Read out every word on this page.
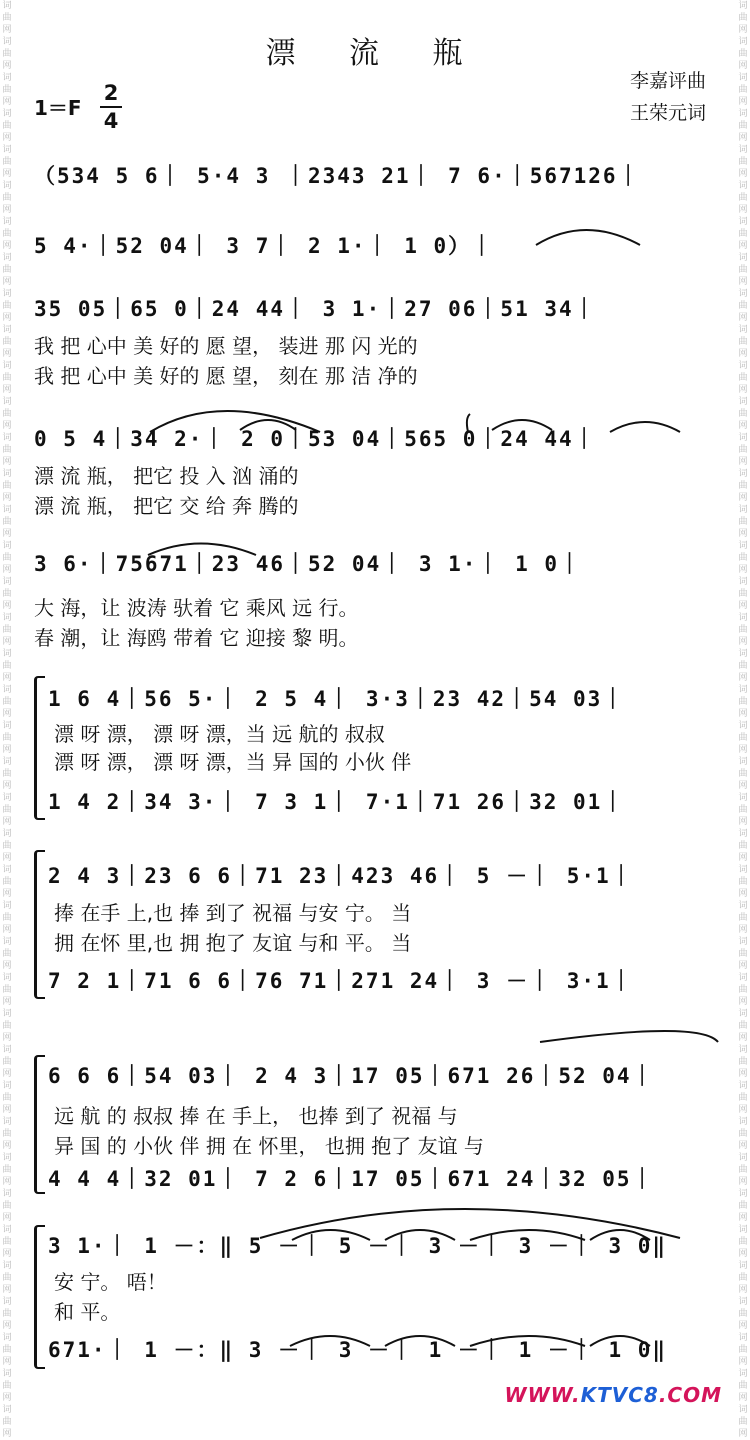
词
曲
网
词
曲
网
词
曲
网
词
曲
网
词
曲
网
词
曲
网
词
曲
网
词
曲
网
词
曲
网
词
曲
网
词
曲
网
词
曲
网
词
曲
网
词
曲
网
词
曲
网
词
曲
网
词
曲
网
词
曲
网
词
曲
网
词
曲
网
词
曲
网
词
曲
网
词
曲
网
词
曲
网
词
曲
网
词
曲
网
词
曲
网
词
曲
网
词
曲
网
词
曲
网
词
曲
网
词
曲
网
词
曲
网
词
曲
网
词
曲
网
词
曲
网
词
曲
网
词
曲
网
词
曲
网
词
曲
网
词
曲
网
词
曲
网
词
曲
网
词
曲
网
词
曲
网
词
曲
网
词
曲
网
词
曲
网
词
曲
网
词
曲
网
词
曲
网
词
曲
网
词
曲
网
词
曲
网
词
曲
网
词
曲
网
词
曲
网
词
曲
网
词
曲
网
词
曲
网
词
曲
网
词
曲
网
词
曲
网
词
曲
网
词
曲
网
词
曲
网
词
曲
网
词
曲
网
词
曲
网
词
曲
网
词
曲
网
词
曲
网
词
曲
网
词
曲
网
词
曲
网
词
曲
网
词
曲
网
词
曲
网
词
曲
网
词
曲
网
漂 流 瓶
李嘉评曲
王荣元词
1＝F
2
4
（534 5 6｜ 5·4 3 ｜2343 21｜ 7 6·｜567126｜
5 4·｜52 04｜ 3 7｜ 2 1·｜ 1 0）｜
35 05｜65 0｜24 44｜ 3 1·｜27 06｜51 34｜
我 把 心中 美 好的 愿 望， 装进 那 闪 光的
我 把 心中 美 好的 愿 望， 刻在 那 洁 净的
0 5 4｜34 2·｜ 2 0｜53 04｜565 0｜24 44｜
漂 流 瓶， 把它 投 入 汹 涌的
漂 流 瓶， 把它 交 给 奔 腾的
3 6·｜75671｜23 46｜52 04｜ 3 1·｜ 1 0｜
大 海，让 波涛 驮着 它 乘风 远 行。
春 潮，让 海鸥 带着 它 迎接 黎 明。
1 6 4｜56 5·｜ 2 5 4｜ 3·3｜23 42｜54 03｜
漂 呀 漂， 漂 呀 漂，当 远 航的 叔叔
漂 呀 漂， 漂 呀 漂，当 异 国的 小伙 伴
1 4 2｜34 3·｜ 7 3 1｜ 7·1｜71 26｜32 01｜
2 4 3｜23 6 6｜71 23｜423 46｜ 5 －｜ 5·1｜
捧 在手 上,也 捧 到了 祝福 与安 宁。 当
拥 在怀 里,也 拥 抱了 友谊 与和 平。 当
7 2 1｜71 6 6｜76 71｜271 24｜ 3 －｜ 3·1｜
6 6 6｜54 03｜ 2 4 3｜17 05｜671 26｜52 04｜
远 航 的 叔叔 捧 在 手上， 也捧 到了 祝福 与
异 国 的 小伙 伴 拥 在 怀里， 也拥 抱了 友谊 与
4 4 4｜32 01｜ 7 2 6｜17 05｜671 24｜32 05｜
3 1·｜ 1 －：‖ 5 －｜ 5 －｜ 3 －｜ 3 －｜ 3 0‖
安 宁。 唔！
和 平。
671·｜ 1 －：‖ 3 －｜ 3 －｜ 1 －｜ 1 －｜ 1 0‖
WWW.KTVC8.COM
